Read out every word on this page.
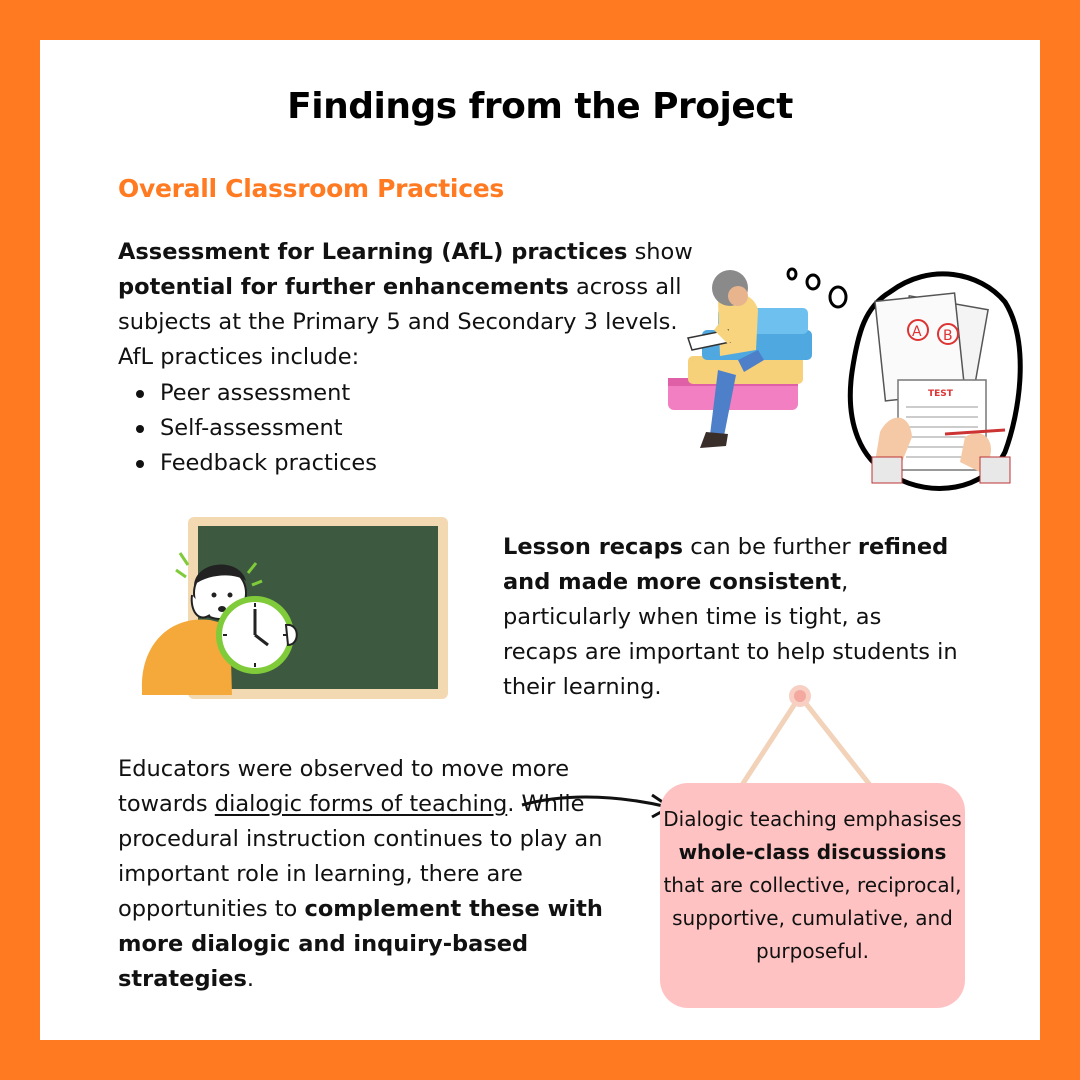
Findings from the Project
Overall Classroom Practices
Assessment for Learning (AfL) practices show potential for further enhancements across all subjects at the Primary 5 and Secondary 3 levels. AfL practices include:
Peer assessment
Self-assessment
Feedback practices
B
A
TEST
Lesson recaps can be further refined and made more consistent, particularly when time is tight, as recaps are important to help students in their learning.
Educators were observed to move more towards dialogic forms of teaching. While procedural instruction continues to play an important role in learning, there are opportunities to complement these with more dialogic and inquiry-based strategies.
Dialogic teaching emphasises whole-class discussions that are collective, reciprocal, supportive, cumulative, and purposeful.
